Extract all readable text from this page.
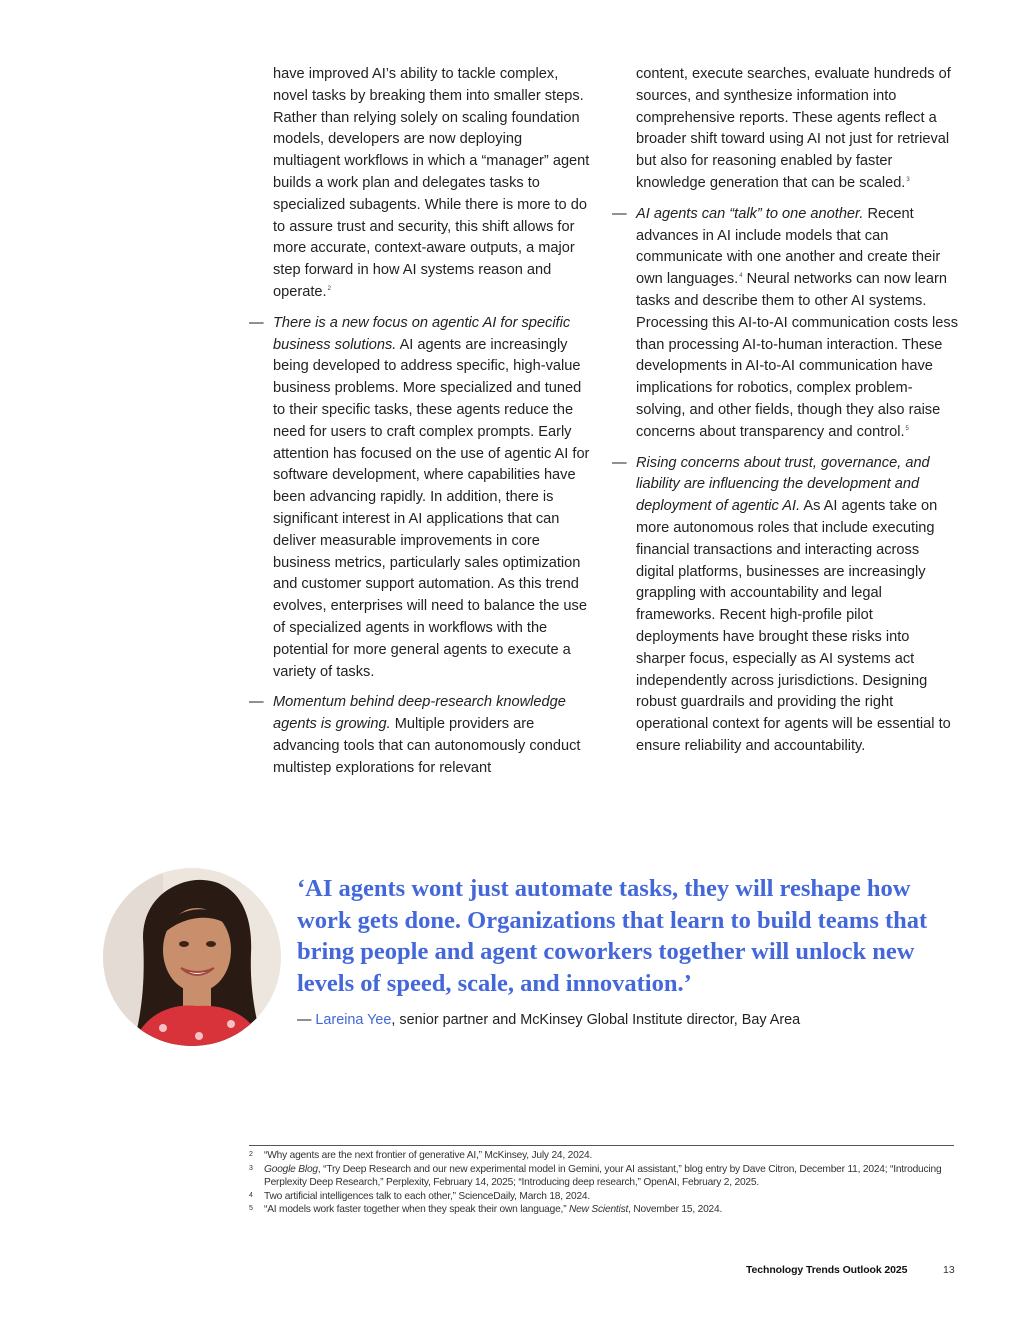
have improved AI’s ability to tackle complex, novel tasks by breaking them into smaller steps. Rather than relying solely on scaling foundation models, developers are now deploying multiagent workflows in which a “manager” agent builds a work plan and delegates tasks to specialized subagents. While there is more to do to assure trust and security, this shift allows for more accurate, context-aware outputs, a major step forward in how AI systems reason and operate.$^2$

— There is a new focus on agentic AI for specific business solutions. AI agents are increasingly being developed to address specific, high-value business problems. More specialized and tuned to their specific tasks, these agents reduce the need for users to craft complex prompts. Early attention has focused on the use of agentic AI for software development, where capabilities have been advancing rapidly. In addition, there is significant interest in AI applications that can deliver measurable improvements in core business metrics, particularly sales optimization and customer support automation. As this trend evolves, enterprises will need to balance the use of specialized agents in workflows with the potential for more general agents to execute a variety of tasks.
— Momentum behind deep-research knowledge agents is growing. Multiple providers are advancing tools that can autonomously conduct multistep explorations for relevant

content, execute searches, evaluate hundreds of sources, and synthesize information into comprehensive reports. These agents reflect a broader shift toward using AI not just for retrieval but also for reasoning enabled by faster knowledge generation that can be scaled.$^3$

— AI agents can “talk” to one another. Recent advances in AI include models that can communicate with one another and create their own languages.$^4$ Neural networks can now learn tasks and describe them to other AI systems. Processing this AI-to-AI communication costs less than processing AI-to-human interaction. These developments in AI-to-AI communication have implications for robotics, complex problem-solving, and other fields, though they also raise concerns about transparency and control.$^5$
— Rising concerns about trust, governance, and liability are influencing the development and deployment of agentic AI. As AI agents take on more autonomous roles that include executing financial transactions and interacting across digital platforms, businesses are increasingly grappling with accountability and legal frameworks. Recent high-profile pilot deployments have brought these risks into sharper focus, especially as AI systems act independently across jurisdictions. Designing robust guardrails and providing the right operational context for agents will be essential to ensure reliability and accountability.
‘AI agents wont just automate tasks, they will reshape how work gets done. Organizations that learn to build teams that bring people and agent coworkers together will unlock new levels of speed, scale, and innovation.’
— Lareina Yee, senior partner and McKinsey Global Institute director, Bay Area
2 “Why agents are the next frontier of generative AI,” McKinsey, July 24, 2024.
3 Google Blog, “Try Deep Research and our new experimental model in Gemini, your AI assistant,” blog entry by Dave Citron, December 11, 2024; “Introducing Perplexity Deep Research,” Perplexity, February 14, 2025; “Introducing deep research,” OpenAI, February 2, 2025.
4 Two artificial intelligences talk to each other,” ScienceDaily, March 18, 2024.
5 “AI models work faster together when they speak their own language,” New Scientist, November 15, 2024.
Technology Trends Outlook 2025	13
